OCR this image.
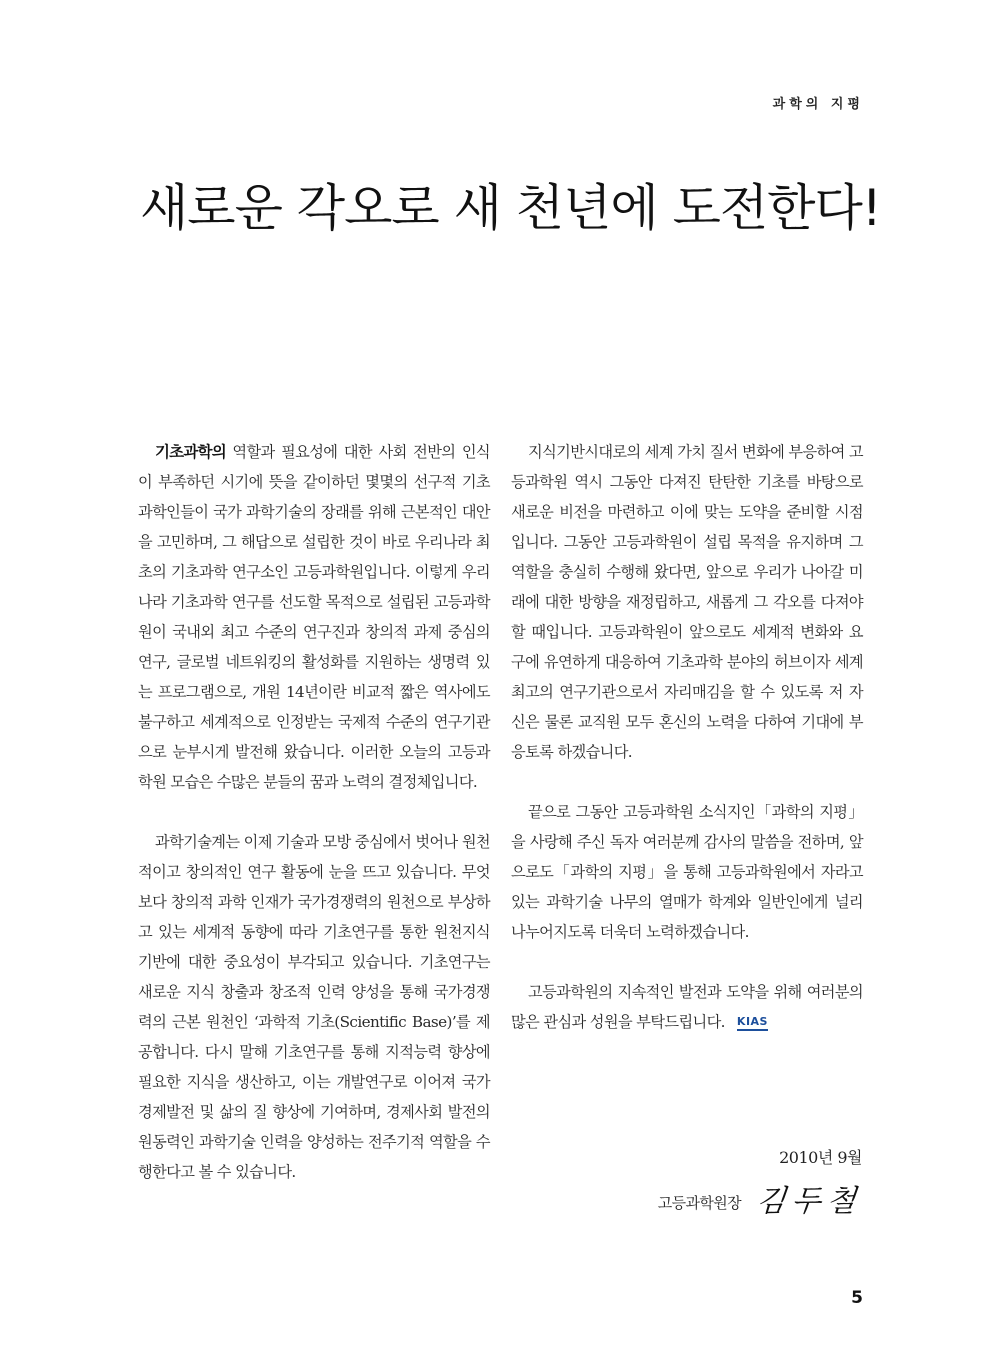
과학의 지평
새로운 각오로 새 천년에 도전한다!

기초과학의 역할과 필요성에 대한 사회 전반의 인식이 부족하던 시기에 뜻을 같이하던 몇몇의 선구적 기초과학인들이 국가 과학기술의 장래를 위해 근본적인 대안을 고민하며, 그 해답으로 설립한 것이 바로 우리나라 최초의 기초과학 연구소인 고등과학원입니다. 이렇게 우리나라 기초과학 연구를 선도할 목적으로 설립된 고등과학원이 국내외 최고 수준의 연구진과 창의적 과제 중심의 연구, 글로벌 네트워킹의 활성화를 지원하는 생명력 있는 프로그램으로, 개원 14년이란 비교적 짧은 역사에도 불구하고 세계적으로 인정받는 국제적 수준의 연구기관으로 눈부시게 발전해 왔습니다. 이러한 오늘의 고등과학원 모습은 수많은 분들의 꿈과 노력의 결정체입니다.

과학기술계는 이제 기술과 모방 중심에서 벗어나 원천적이고 창의적인 연구 활동에 눈을 뜨고 있습니다. 무엇보다 창의적 과학 인재가 국가경쟁력의 원천으로 부상하고 있는 세계적 동향에 따라 기초연구를 통한 원천지식기반에 대한 중요성이 부각되고 있습니다. 기초연구는 새로운 지식 창출과 창조적 인력 양성을 통해 국가경쟁력의 근본 원천인 ‘과학적 기초(Scientific Base)’를 제공합니다. 다시 말해 기초연구를 통해 지적능력 향상에 필요한 지식을 생산하고, 이는 개발연구로 이어져 국가경제발전 및 삶의 질 향상에 기여하며, 경제사회 발전의 원동력인 과학기술 인력을 양성하는 전주기적 역할을 수행한다고 볼 수 있습니다.

지식기반시대로의 세계 가치 질서 변화에 부응하여 고등과학원 역시 그동안 다져진 탄탄한 기초를 바탕으로 새로운 비전을 마련하고 이에 맞는 도약을 준비할 시점입니다. 그동안 고등과학원이 설립 목적을 유지하며 그 역할을 충실히 수행해 왔다면, 앞으로 우리가 나아갈 미래에 대한 방향을 재정립하고, 새롭게 그 각오를 다져야 할 때입니다. 고등과학원이 앞으로도 세계적 변화와 요구에 유연하게 대응하여 기초과학 분야의 허브이자 세계 최고의 연구기관으로서 자리매김을 할 수 있도록 저 자신은 물론 교직원 모두 혼신의 노력을 다하여 기대에 부응토록 하겠습니다.

끝으로 그동안 고등과학원 소식지인「과학의 지평」을 사랑해 주신 독자 여러분께 감사의 말씀을 전하며, 앞으로도「과학의 지평」을 통해 고등과학원에서 자라고 있는 과학기술 나무의 열매가 학계와 일반인에게 널리 나누어지도록 더욱더 노력하겠습니다.

고등과학원의 지속적인 발전과 도약을 위해 여러분의 많은 관심과 성원을 부탁드립니다. KIAS

2010년 9월
고등과학원장 김두철
5
